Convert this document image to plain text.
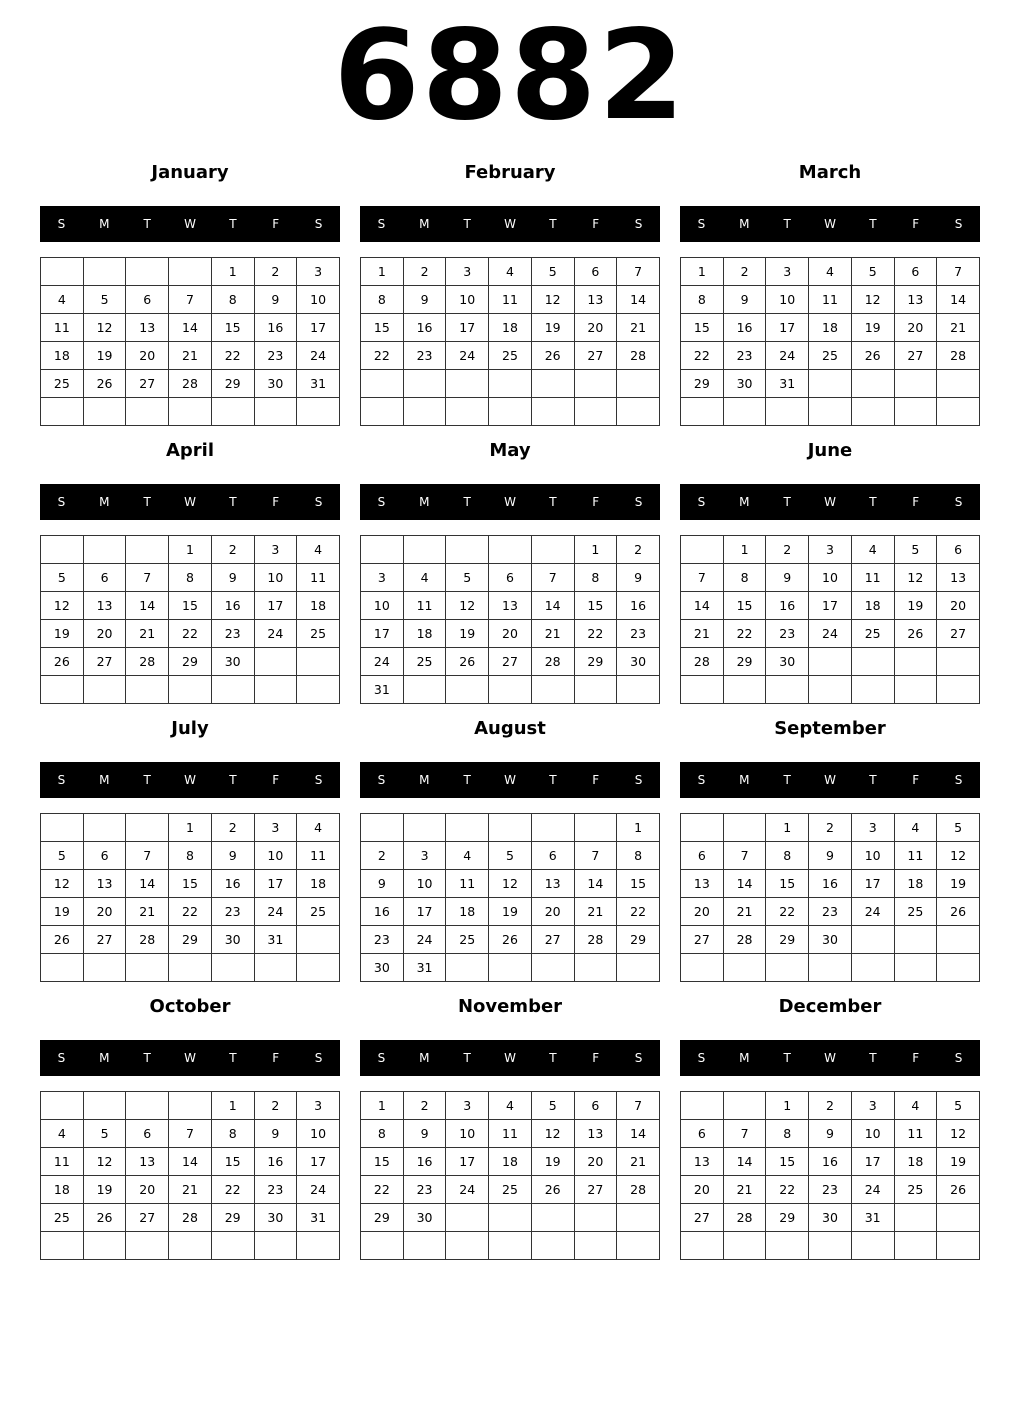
6882
January
S	M	T	W	T	F	S
				1	2	3
4	5	6	7	8	9	10
11	12	13	14	15	16	17
18	19	20	21	22	23	24
25	26	27	28	29	30	31

February
S	M	T	W	T	F	S
1	2	3	4	5	6	7
8	9	10	11	12	13	14
15	16	17	18	19	20	21
22	23	24	25	26	27	28

March
S	M	T	W	T	F	S
1	2	3	4	5	6	7
8	9	10	11	12	13	14
15	16	17	18	19	20	21
22	23	24	25	26	27	28
29	30	31				

April
S	M	T	W	T	F	S
			1	2	3	4
5	6	7	8	9	10	11
12	13	14	15	16	17	18
19	20	21	22	23	24	25
26	27	28	29	30		

May
S	M	T	W	T	F	S
					1	2
3	4	5	6	7	8	9
10	11	12	13	14	15	16
17	18	19	20	21	22	23
24	25	26	27	28	29	30
31						
June
S	M	T	W	T	F	S
	1	2	3	4	5	6
7	8	9	10	11	12	13
14	15	16	17	18	19	20
21	22	23	24	25	26	27
28	29	30				

July
S	M	T	W	T	F	S
			1	2	3	4
5	6	7	8	9	10	11
12	13	14	15	16	17	18
19	20	21	22	23	24	25
26	27	28	29	30	31	

August
S	M	T	W	T	F	S
						1
2	3	4	5	6	7	8
9	10	11	12	13	14	15
16	17	18	19	20	21	22
23	24	25	26	27	28	29
30	31					
September
S	M	T	W	T	F	S
		1	2	3	4	5
6	7	8	9	10	11	12
13	14	15	16	17	18	19
20	21	22	23	24	25	26
27	28	29	30			

October
S	M	T	W	T	F	S
				1	2	3
4	5	6	7	8	9	10
11	12	13	14	15	16	17
18	19	20	21	22	23	24
25	26	27	28	29	30	31

November
S	M	T	W	T	F	S
1	2	3	4	5	6	7
8	9	10	11	12	13	14
15	16	17	18	19	20	21
22	23	24	25	26	27	28
29	30					

December
S	M	T	W	T	F	S
		1	2	3	4	5
6	7	8	9	10	11	12
13	14	15	16	17	18	19
20	21	22	23	24	25	26
27	28	29	30	31		
